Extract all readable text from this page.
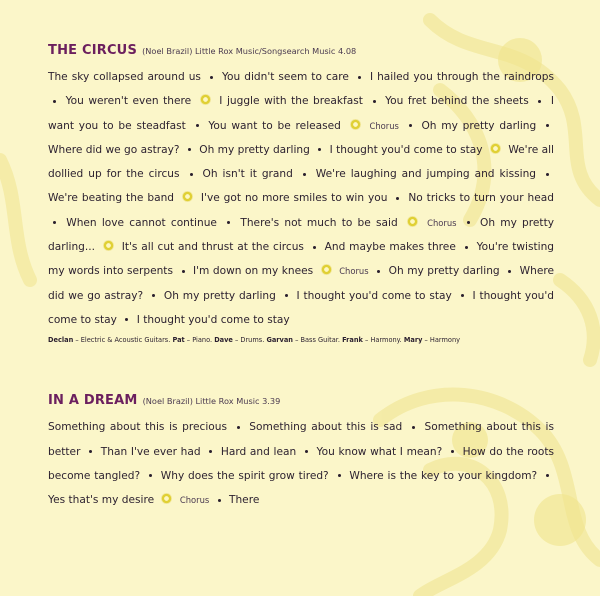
THE CIRCUS (Noel Brazil) Little Rox Music/Songsearch Music 4.08

The sky collapsed around us You didn't seem to care I hailed you through the raindrops  You weren't even there	I juggle with the breakfast You fret behind the sheets I want you to be steadfast You want to be released	Chorus Oh my pretty darling  Where did we go astray? Oh my pretty darling I thought you'd come to stay We're all dollied up for the circus Oh isn't it grand We're laughing and jumping and kissing  We're beating the band	I've got no more smiles to win you No tricks to turn your head  When love cannot continue There's not much to be said	Chorus Oh my pretty darling...	It's all cut and thrust at the circus And maybe makes three You're twisting my words into serpents I'm down on my knees	Chorus Oh my pretty darling Where did we go astray? Oh my pretty darling I thought you'd come to stay I thought you'd come to stay I thought you'd come to stay

Declan – Electric & Acoustic Guitars. Pat – Piano. Dave – Drums. Garvan – Bass Guitar. Frank – Harmony. Mary – Harmony
IN A DREAM (Noel Brazil) Little Rox Music 3.39

Something about this is precious Something about this is sad Something about this is better Than I've ever had Hard and lean You know what I mean? How do the roots become tangled? Why does the spirit grow tired? Where is the key to your kingdom?  Yes that's my desire	Chorus There
